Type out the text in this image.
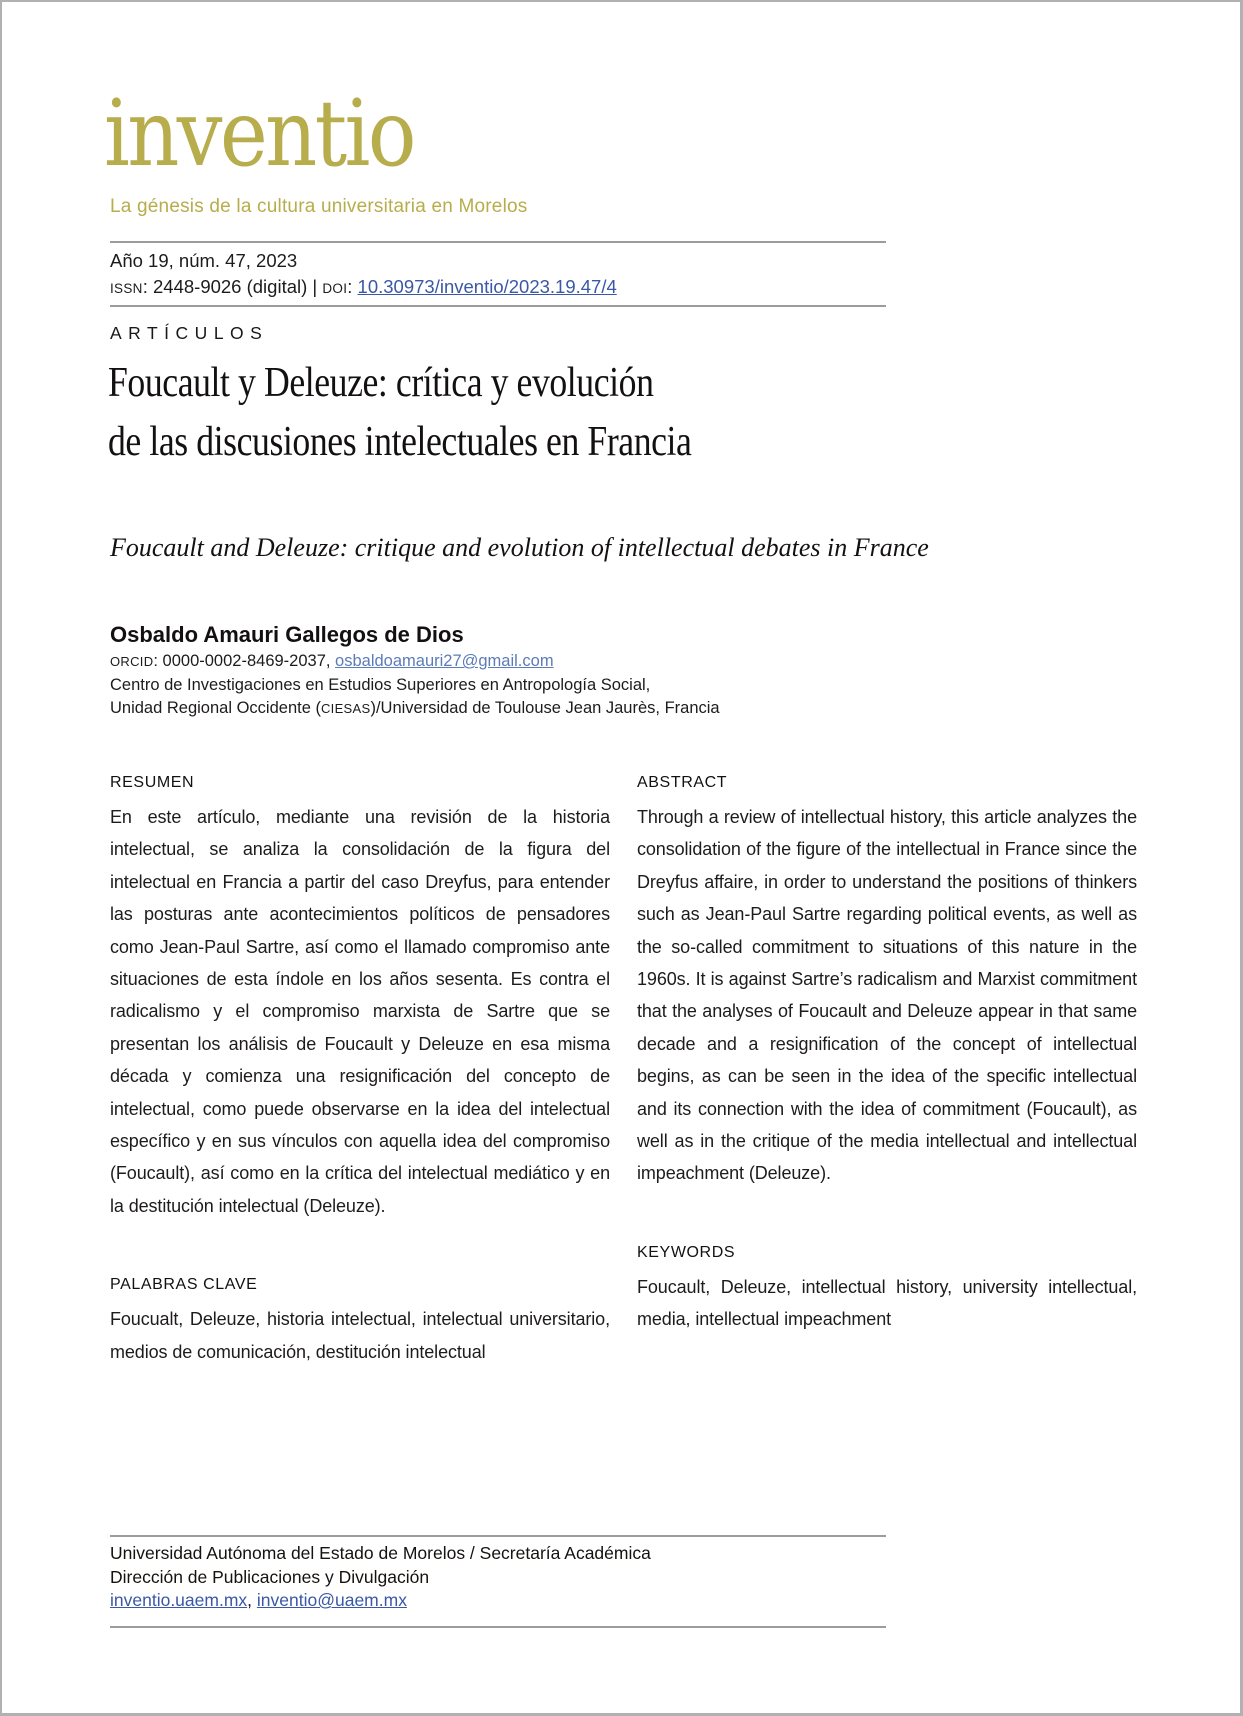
inventio
La génesis de la cultura universitaria en Morelos
Año 19, núm. 47, 2023
ISSN: 2448-9026 (digital) | DOI: 10.30973/inventio/2023.19.47/4
ARTÍCULOS
Foucault y Deleuze: crítica y evolución
de las discusiones intelectuales en Francia
Foucault and Deleuze: critique and evolution of intellectual debates in France
Osbaldo Amauri Gallegos de Dios
ORCID: 0000-0002-8469-2037, osbaldoamauri27@gmail.com
Centro de Investigaciones en Estudios Superiores en Antropología Social,
Unidad Regional Occidente (CIESAS)/Universidad de Toulouse Jean Jaurès, Francia
RESUMEN

En este artículo, mediante una revisión de la historia intelectual, se analiza la consolidación de la figura del intelectual en Francia a partir del caso Dreyfus, para entender las posturas ante acontecimientos políticos de pensadores como Jean-Paul Sartre, así como el llamado compromiso ante situaciones de esta índole en los años sesenta. Es contra el radicalismo y el compromiso marxista de Sartre que se presentan los análisis de Foucault y Deleuze en esa misma década y comienza una resignificación del concepto de intelectual, como puede observarse en la idea del intelectual específico y en sus vínculos con aquella idea del compromiso (Foucault), así como en la crítica del intelectual mediático y en la destitución intelectual (Deleuze).

PALABRAS CLAVE

Foucualt, Deleuze, historia intelectual, intelectual universitario, medios de comunicación, destitución intelectual

ABSTRACT

Through a review of intellectual history, this article analyzes the consolidation of the figure of the intellectual in France since the Dreyfus affaire, in order to understand the positions of thinkers such as Jean-Paul Sartre regarding political events, as well as the so-called commitment to situations of this nature in the 1960s. It is against Sartre’s radicalism and Marxist commitment that the analyses of Foucault and Deleuze appear in that same decade and a resignification of the concept of intellectual begins, as can be seen in the idea of the specific intellectual and its connection with the idea of commitment (Foucault), as well as in the critique of the media intellectual and intellectual impeachment (Deleuze).

KEYWORDS

Foucault, Deleuze, intellectual history, university intellectual, media, intellectual impeachment

Universidad Autónoma del Estado de Morelos / Secretaría Académica
Dirección de Publicaciones y Divulgación
inventio.uaem.mx, inventio@uaem.mx
